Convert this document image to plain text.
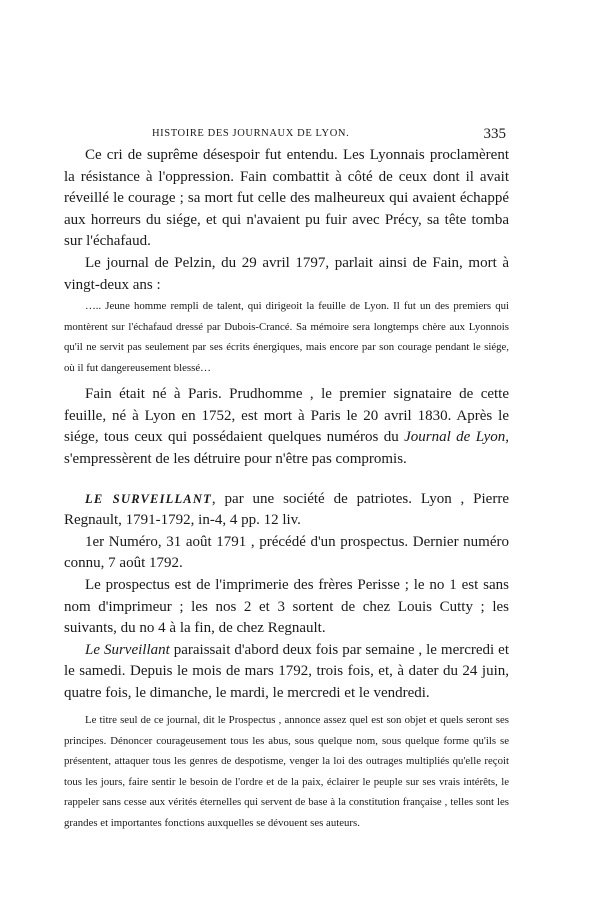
HISTOIRE DES JOURNAUX DE LYON.	335

Ce cri de suprême désespoir fut entendu. Les Lyonnais proclamèrent la résistance à l'oppression. Fain combattit à côté de ceux dont il avait réveillé le courage ; sa mort fut celle des malheureux qui avaient échappé aux horreurs du siége, et qui n'avaient pu fuir avec Précy, sa tête tomba sur l'échafaud.

Le journal de Pelzin, du 29 avril 1797, parlait ainsi de Fain, mort à vingt-deux ans :

….. Jeune homme rempli de talent, qui dirigeoit la feuille de Lyon. Il fut un des premiers qui montèrent sur l'échafaud dressé par Dubois-Crancé. Sa mémoire sera longtemps chère aux Lyonnois qu'il ne servit pas seulement par ses écrits énergiques, mais encore par son courage pendant le siége, où il fut dangereusement blessé…

Fain était né à Paris. Prudhomme , le premier signataire de cette feuille, né à Lyon en 1752, est mort à Paris le 20 avril 1830. Après le siége, tous ceux qui possédaient quelques numéros du Journal de Lyon, s'empressèrent de les détruire pour n'être pas compromis.

LE SURVEILLANT, par une société de patriotes. Lyon , Pierre Regnault, 1791-1792, in-4, 4 pp. 12 liv.

1er Numéro, 31 août 1791 , précédé d'un prospectus. Dernier numéro connu, 7 août 1792.

Le prospectus est de l'imprimerie des frères Perisse ; le no 1 est sans nom d'imprimeur ; les nos 2 et 3 sortent de chez Louis Cutty ; les suivants, du no 4 à la fin, de chez Regnault.

Le Surveillant paraissait d'abord deux fois par semaine , le mercredi et le samedi. Depuis le mois de mars 1792, trois fois, et, à dater du 24 juin, quatre fois, le dimanche, le mardi, le mercredi et le vendredi.

Le titre seul de ce journal, dit le Prospectus , annonce assez quel est son objet et quels seront ses principes. Dénoncer courageusement tous les abus, sous quelque nom, sous quelque forme qu'ils se présentent, attaquer tous les genres de despotisme, venger la loi des outrages multipliés qu'elle reçoit tous les jours, faire sentir le besoin de l'ordre et de la paix, éclairer le peuple sur ses vrais intérêts, le rappeler sans cesse aux vérités éternelles qui servent de base à la constitution française , telles sont les grandes et importantes fonctions auxquelles se dévouent ses auteurs.
